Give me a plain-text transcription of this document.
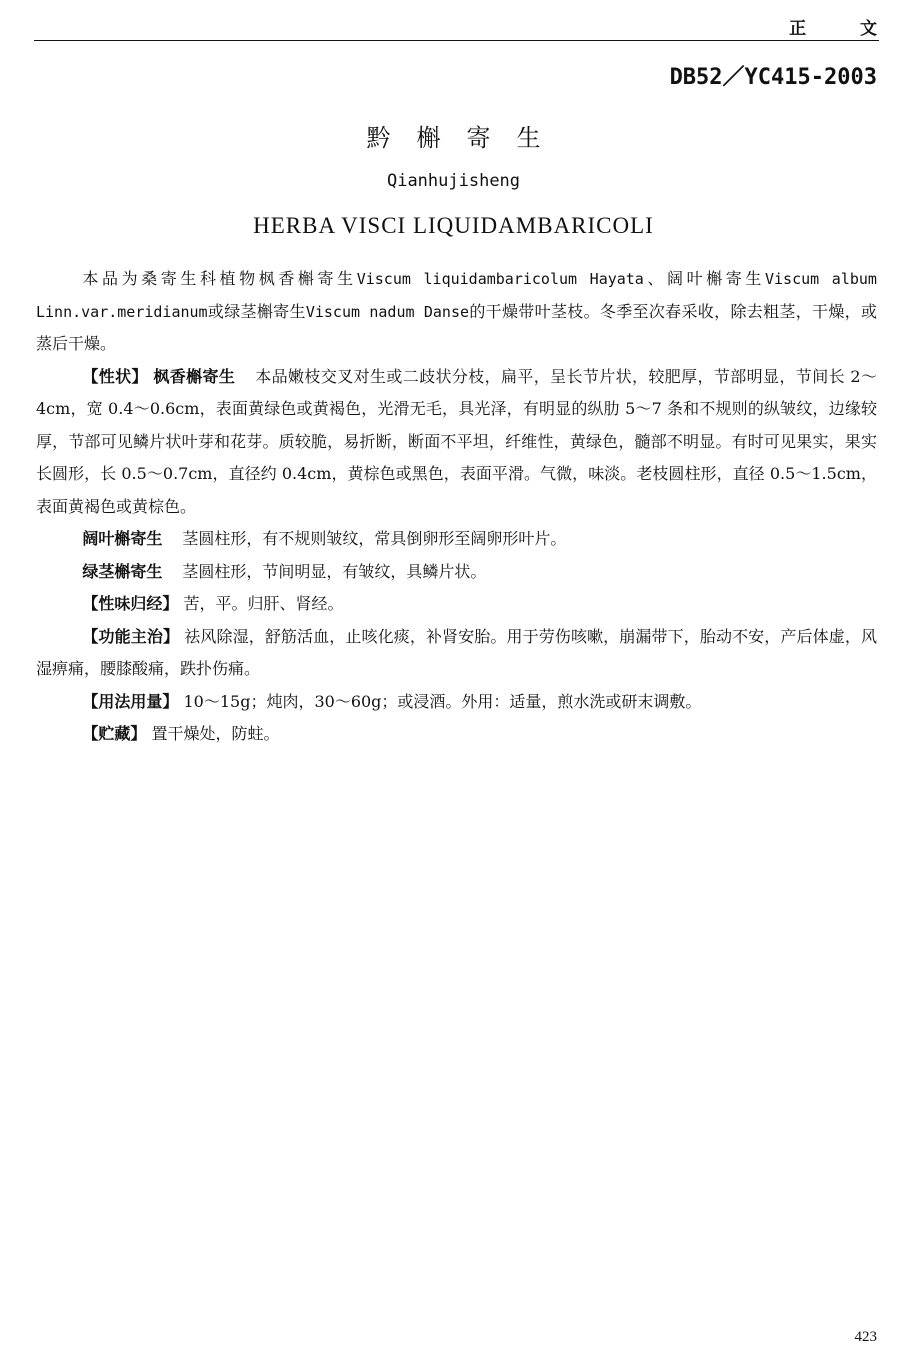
正 文
DB52／YC415-2003
黔槲寄生
Qianhujisheng
HERBA VISCI LIQUIDAMBARICOLI

本品为桑寄生科植物枫香槲寄生Viscum liquidambaricolum Hayata、阔叶槲寄生Viscum album Linn.var.meridianum或绿茎槲寄生Viscum nadum Danse的干燥带叶茎枝。冬季至次春采收，除去粗茎，干燥，或蒸后干燥。

【性状】 枫香槲寄生 本品嫩枝交叉对生或二歧状分枝，扁平，呈长节片状，较肥厚，节部明显，节间长 2～4cm，宽 0.4～0.6cm，表面黄绿色或黄褐色，光滑无毛，具光泽，有明显的纵肋 5～7 条和不规则的纵皱纹，边缘较厚，节部可见鳞片状叶芽和花芽。质较脆，易折断，断面不平坦，纤维性，黄绿色，髓部不明显。有时可见果实，果实长圆形，长 0.5～0.7cm，直径约 0.4cm，黄棕色或黑色，表面平滑。气微，味淡。老枝圆柱形，直径 0.5～1.5cm，表面黄褐色或黄棕色。

阔叶槲寄生 茎圆柱形，有不规则皱纹，常具倒卵形至阔卵形叶片。

绿茎槲寄生 茎圆柱形，节间明显，有皱纹，具鳞片状。

【性味归经】 苦，平。归肝、肾经。

【功能主治】 祛风除湿，舒筋活血，止咳化痰，补肾安胎。用于劳伤咳嗽，崩漏带下，胎动不安，产后体虚，风湿痹痛，腰膝酸痛，跌扑伤痛。

【用法用量】 10～15g；炖肉，30～60g；或浸酒。外用：适量，煎水洗或研末调敷。

【贮藏】 置干燥处，防蛀。

423
